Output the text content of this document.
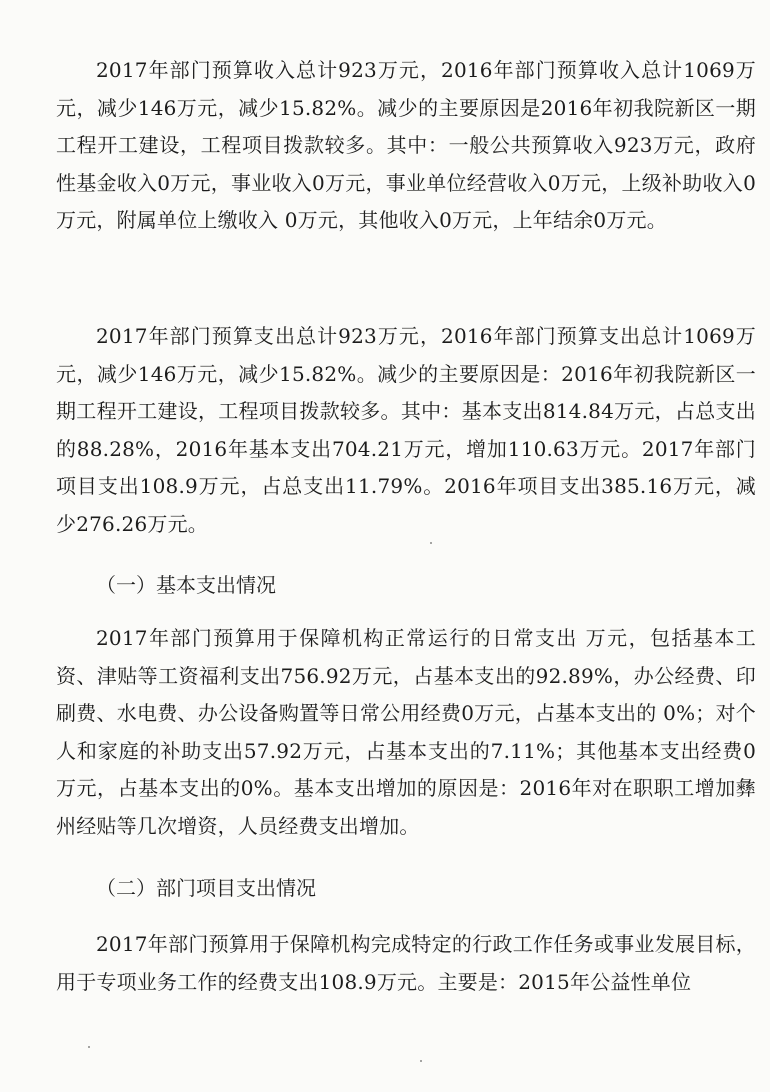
2017年部门预算收入总计923万元，2016年部门预算收入总计1069万元，减少146万元，减少15.82%。减少的主要原因是2016年初我院新区一期工程开工建设，工程项目拨款较多。其中：一般公共预算收入923万元，政府性基金收入0万元，事业收入0万元，事业单位经营收入0万元，上级补助收入0万元，附属单位上缴收入 0万元，其他收入0万元，上年结余0万元。

2017年部门预算支出总计923万元，2016年部门预算支出总计1069万元，减少146万元，减少15.82%。减少的主要原因是：2016年初我院新区一期工程开工建设，工程项目拨款较多。其中：基本支出814.84万元，占总支出的88.28%，2016年基本支出704.21万元，增加110.63万元。2017年部门项目支出108.9万元，占总支出11.79%。2016年项目支出385.16万元，减少276.26万元。

（一）基本支出情况

2017年部门预算用于保障机构正常运行的日常支出 万元，包括基本工资、津贴等工资福利支出756.92万元，占基本支出的92.89%，办公经费、印刷费、水电费、办公设备购置等日常公用经费0万元，占基本支出的 0%；对个人和家庭的补助支出57.92万元，占基本支出的7.11%；其他基本支出经费0万元，占基本支出的0%。基本支出增加的原因是：2016年对在职职工增加彝州经贴等几次增资，人员经费支出增加。

（二）部门项目支出情况

2017年部门预算用于保障机构完成特定的行政工作任务或事业发展目标，用于专项业务工作的经费支出108.9万元。主要是：2015年公益性单位
